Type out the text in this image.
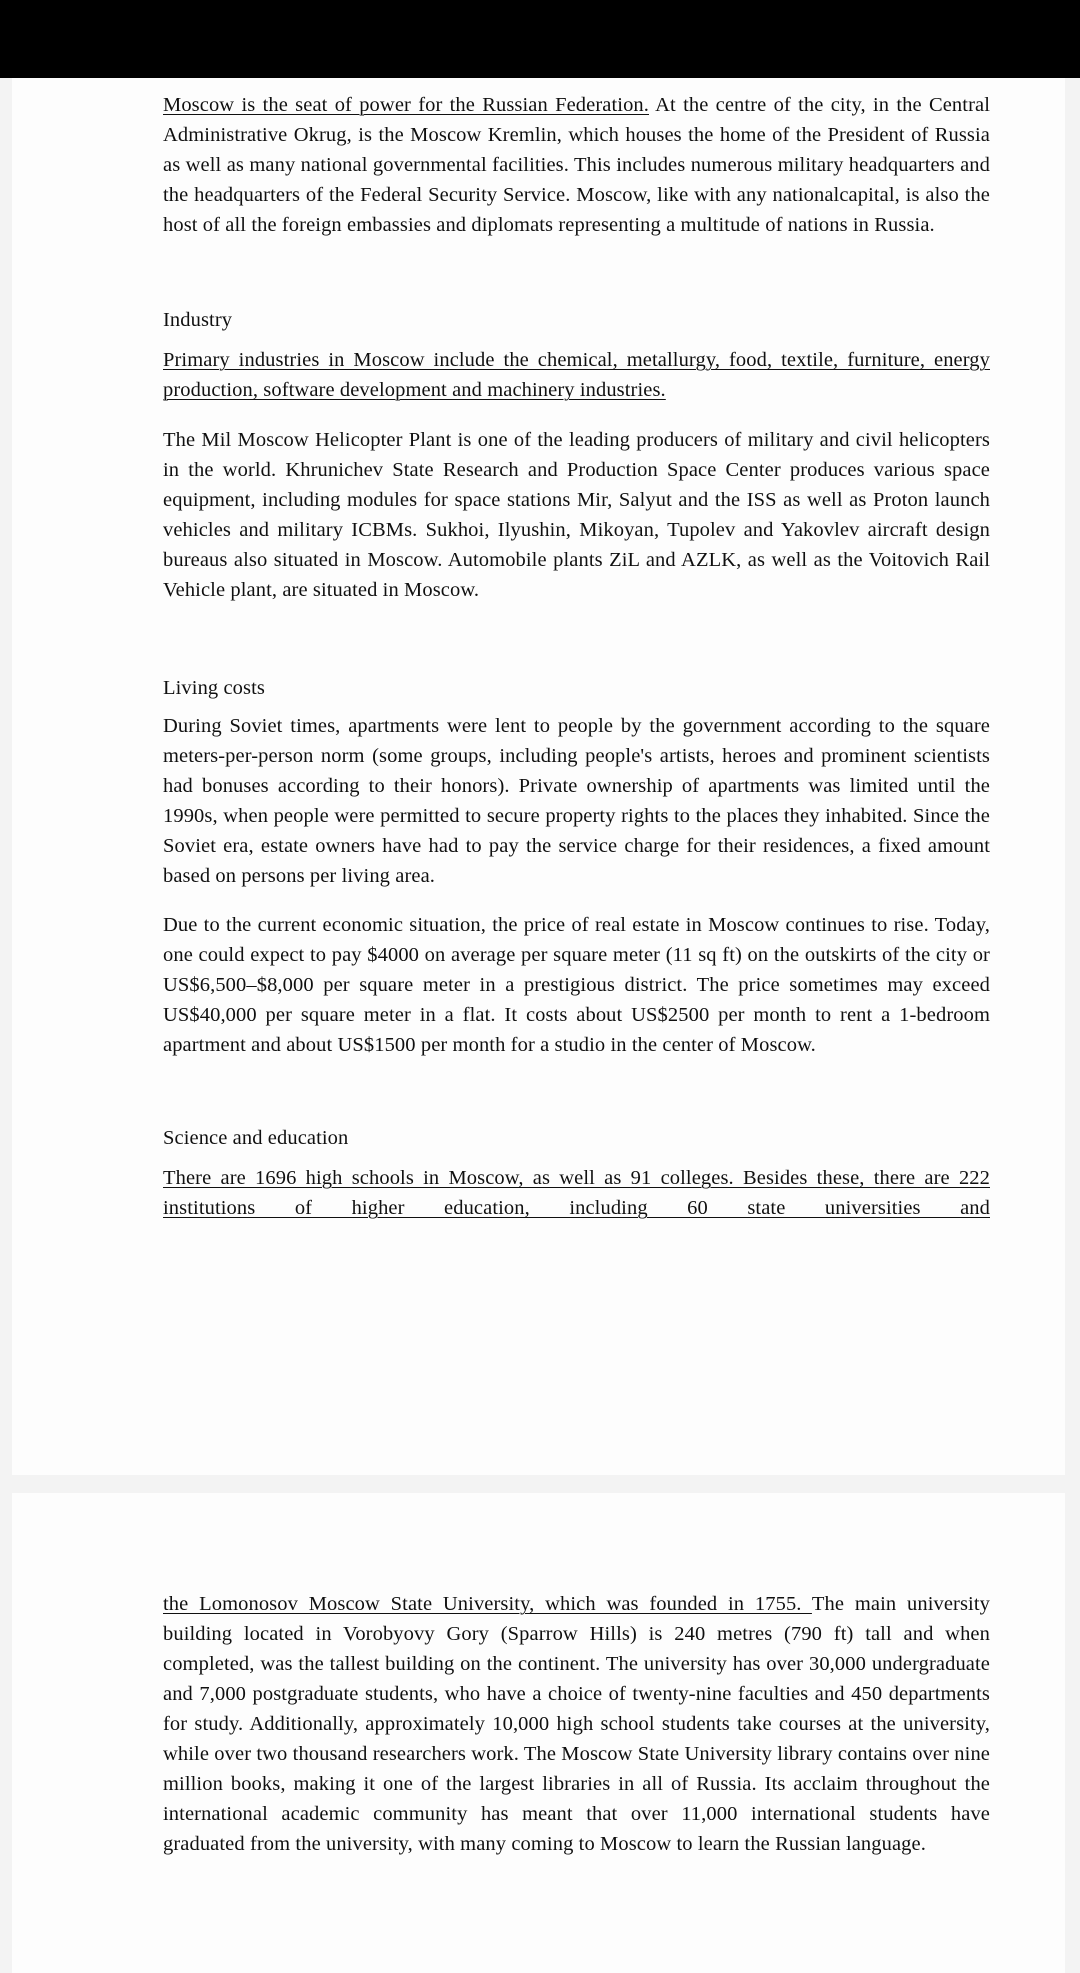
Moscow is the seat of power for the Russian Federation. At the centre of the city, in the Central Administrative Okrug, is the Moscow Kremlin, which houses the home of the President of Russia as well as many national governmental facilities. This includes numerous military headquarters and the headquarters of the Federal Security Service. Moscow, like with any nationalcapital, is also the host of all the foreign embassies and diplomats representing a multitude of nations in Russia.

Industry

Primary industries in Moscow include the chemical, metallurgy, food, textile, furniture, energy production, software development and machinery industries.

The Mil Moscow Helicopter Plant is one of the leading producers of military and civil helicopters in the world. Khrunichev State Research and Production Space Center produces various space equipment, including modules for space stations Mir, Salyut and the ISS as well as Proton launch vehicles and military ICBMs. Sukhoi, Ilyushin, Mikoyan, Tupolev and Yakovlev aircraft design bureaus also situated in Moscow. Automobile plants ZiL and AZLK, as well as the Voitovich Rail Vehicle plant, are situated in Moscow.

Living costs

During Soviet times, apartments were lent to people by the government according to the square meters-per-person norm (some groups, including people's artists, heroes and prominent scientists had bonuses according to their honors). Private ownership of apartments was limited until the 1990s, when people were permitted to secure property rights to the places they inhabited. Since the Soviet era, estate owners have had to pay the service charge for their residences, a fixed amount based on persons per living area.

Due to the current economic situation, the price of real estate in Moscow continues to rise. Today, one could expect to pay $4000 on average per square meter (11 sq ft) on the outskirts of the city or US$6,500–$8,000 per square meter in a prestigious district. The price sometimes may exceed US$40,000 per square meter in a flat. It costs about US$2500 per month to rent a 1-bedroom apartment and about US$1500 per month for a studio in the center of Moscow.

Science and education

There are 1696 high schools in Moscow, as well as 91 colleges. Besides these, there are 222 institutions of higher education, including 60 state universities and

the Lomonosov Moscow State University, which was founded in 1755. The main university building located in Vorobyovy Gory (Sparrow Hills) is 240 metres (790 ft) tall and when completed, was the tallest building on the continent. The university has over 30,000 undergraduate and 7,000 postgraduate students, who have a choice of twenty-nine faculties and 450 departments for study. Additionally, approximately 10,000 high school students take courses at the university, while over two thousand researchers work. The Moscow State University library contains over nine million books, making it one of the largest libraries in all of Russia. Its acclaim throughout the international academic community has meant that over 11,000 international students have graduated from the university, with many coming to Moscow to learn the Russian language.
